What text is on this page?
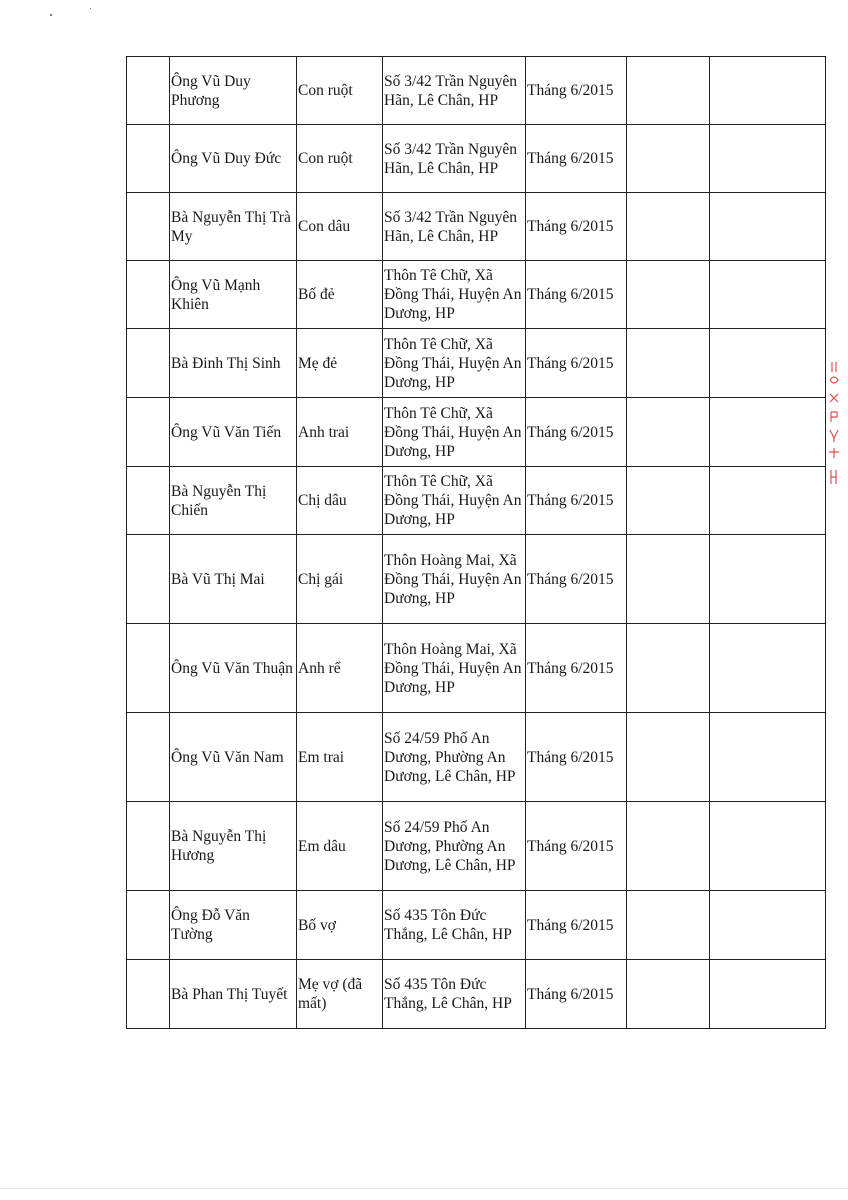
	Ông Vũ Duy Phương	Con ruột	Số 3/42 Trần Nguyên Hãn, Lê Chân, HP	Tháng 6/2015		
	Ông Vũ Duy Đức	Con ruột	Số 3/42 Trần Nguyên Hãn, Lê Chân, HP	Tháng 6/2015		
	Bà Nguyễn Thị Trà My	Con dâu	Số 3/42 Trần Nguyên Hãn, Lê Chân, HP	Tháng 6/2015		
	Ông Vũ Mạnh Khiên	Bố đẻ	Thôn Tê Chữ, Xã Đồng Thái, Huyện An Dương, HP	Tháng 6/2015		
	Bà Đinh Thị Sinh	Mẹ đẻ	Thôn Tê Chữ, Xã Đồng Thái, Huyện An Dương, HP	Tháng 6/2015		
	Ông Vũ Văn Tiến	Anh trai	Thôn Tê Chữ, Xã Đồng Thái, Huyện An Dương, HP	Tháng 6/2015		
	Bà Nguyễn Thị Chiến	Chị dâu	Thôn Tê Chữ, Xã Đồng Thái, Huyện An Dương, HP	Tháng 6/2015		
	Bà Vũ Thị Mai	Chị gái	Thôn Hoàng Mai, Xã Đồng Thái, Huyện An Dương, HP	Tháng 6/2015		
	Ông Vũ Văn Thuận	Anh rể	Thôn Hoàng Mai, Xã Đồng Thái, Huyện An Dương, HP	Tháng 6/2015		
	Ông Vũ Văn Nam	Em trai	Số 24/59 Phố An Dương, Phường An Dương, Lê Chân, HP	Tháng 6/2015		
	Bà Nguyễn Thị Hương	Em dâu	Số 24/59 Phố An Dương, Phường An Dương, Lê Chân, HP	Tháng 6/2015		
	Ông Đỗ Văn Tường	Bố vợ	Số 435 Tôn Đức Thắng, Lê Chân, HP	Tháng 6/2015		
	Bà Phan Thị Tuyết	Mẹ vợ (đã mất)	Số 435 Tôn Đức Thắng, Lê Chân, HP	Tháng 6/2015		
